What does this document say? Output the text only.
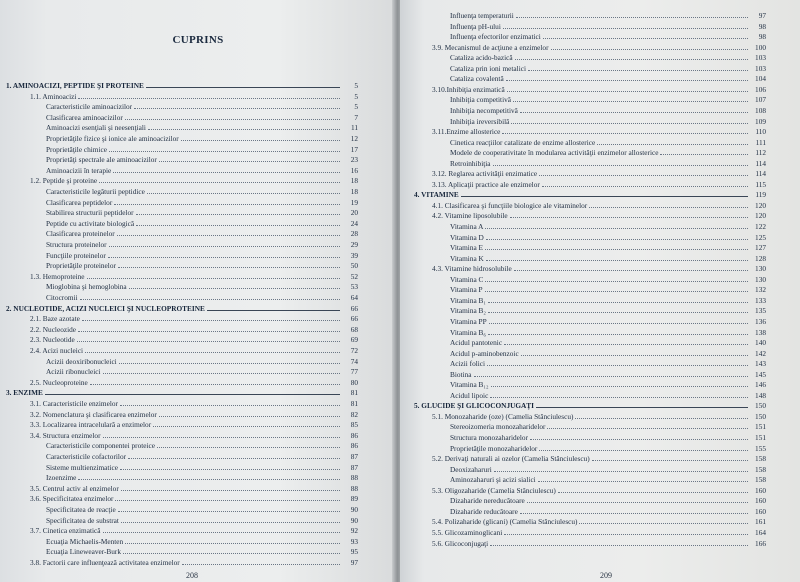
CUPRINS
1. AMINOACIZI, PEPTIDE ŞI PROTEINE	5
1.1. Aminoacizi	5
Caracteristicile aminoacizilor	5
Clasificarea aminoacizilor	7
Aminoacizi esenţiali şi neesenţiali	11
Proprietăţile fizice şi ionice ale aminoacizilor	12
Proprietăţile chimice	17
Proprietăţi spectrale ale aminoacizilor	23
Aminoacizii în terapie	16
1.2. Peptide şi proteine	18
Caracteristicile legăturii peptidice	18
Clasificarea peptidelor	19
Stabilirea structurii peptidelor	20
Peptide cu activitate biologică	24
Clasificarea proteinelor	28
Structura proteinelor	29
Funcţiile proteinelor	39
Proprietăţile proteinelor	50
1.3. Hemoproteine	52
Mioglobina şi hemoglobina	53
Citocromii	64
2. NUCLEOTIDE, ACIZI NUCLEICI ŞI NUCLEOPROTEINE	66
2.1. Baze azotate	66
2.2. Nucleozide	68
2.3. Nucleotide	69
2.4. Acizi nucleici	72
Acizii deoxiribonucleici	74
Acizii ribonucleici	77
2.5. Nucleoproteine	80
3. ENZIME	81
3.1. Caracteristicile enzimelor	81
3.2. Nomenclatura şi clasificarea enzimelor	82
3.3. Localizarea intracelulară a enzimelor	85
3.4. Structura enzimelor	86
Caracteristicile componentei proteice	86
Caracteristicile cofactorilor	87
Sisteme multienzimatice	87
Izoenzime	88
3.5. Centrul activ al enzimelor	88
3.6. Specificitatea enzimelor	89
Specificitatea de reacţie	90
Specificitatea de substrat	90
3.7. Cinetica enzimatică	92
Ecuaţia Michaelis-Menten	93
Ecuaţia Lineweaver-Burk	95
3.8. Factorii care influenţează activitatea enzimelor	97
208
Influenţa temperaturii	97
Influenţa pH-ului	98
Influenţa efectorilor enzimatici	98
3.9. Mecanismul de acţiune a enzimelor	100
Cataliza acido-bazică	103
Cataliza prin ioni metalici	103
Cataliza covalentă	104
3.10.Inhibiţia enzimatică	106
Inhibiţia competitivă	107
Inhibiţia necompetitivă	108
Inhibiţia ireversibilă	109
3.11.Enzime allosterice	110
Cinetica reacţiilor catalizate de enzime allosterice	111
Modele de cooperativitate în modularea activităţii enzimelor allosterice	112
Retroinhibiţia	114
3.12. Reglarea activităţii enzimatice	114
3.13. Aplicaţii practice ale enzimelor	115
4. VITAMINE	119
4.1. Clasificarea şi funcţiile biologice ale vitaminelor	120
4.2. Vitamine liposolubile	120
Vitamina A	122
Vitamina D	125
Vitamina E	127
Vitamina K	128
4.3. Vitamine hidrosolubile	130
Vitamina C	130
Vitamina P	132
Vitamina B₁	133
Vitamina B₂	135
Vitamina PP	136
Vitamina B₆	138
Acidul pantotenic	140
Acidul p-aminobenzoic	142
Acizii folici	143
Biotina	145
Vitamina B₁₂	146
Acidul lipoic	148
5. GLUCIDE ŞI GLICOCONJUGAŢI	150
5.1. Monozaharide (oze) (Camelia Stănciulescu)	150
Stereoizomeria monozaharidelor	151
Structura monozaharidelor	151
Proprietăţile monozaharidelor	155
5.2. Derivaţi naturali ai ozelor (Camelia Stănciulescu)	158
Deoxizaharuri	158
Aminozaharuri şi acizi sialici	158
5.3. Oligozaharide (Camelia Stănciulescu)	160
Dizaharide nereducătoare	160
Dizaharide reducătoare	160
5.4. Polizaharide (glicani) (Camelia Stănciulescu)	161
5.5. Glicozaminoglicani	164
5.6. Glicoconjugaţi	166
209
